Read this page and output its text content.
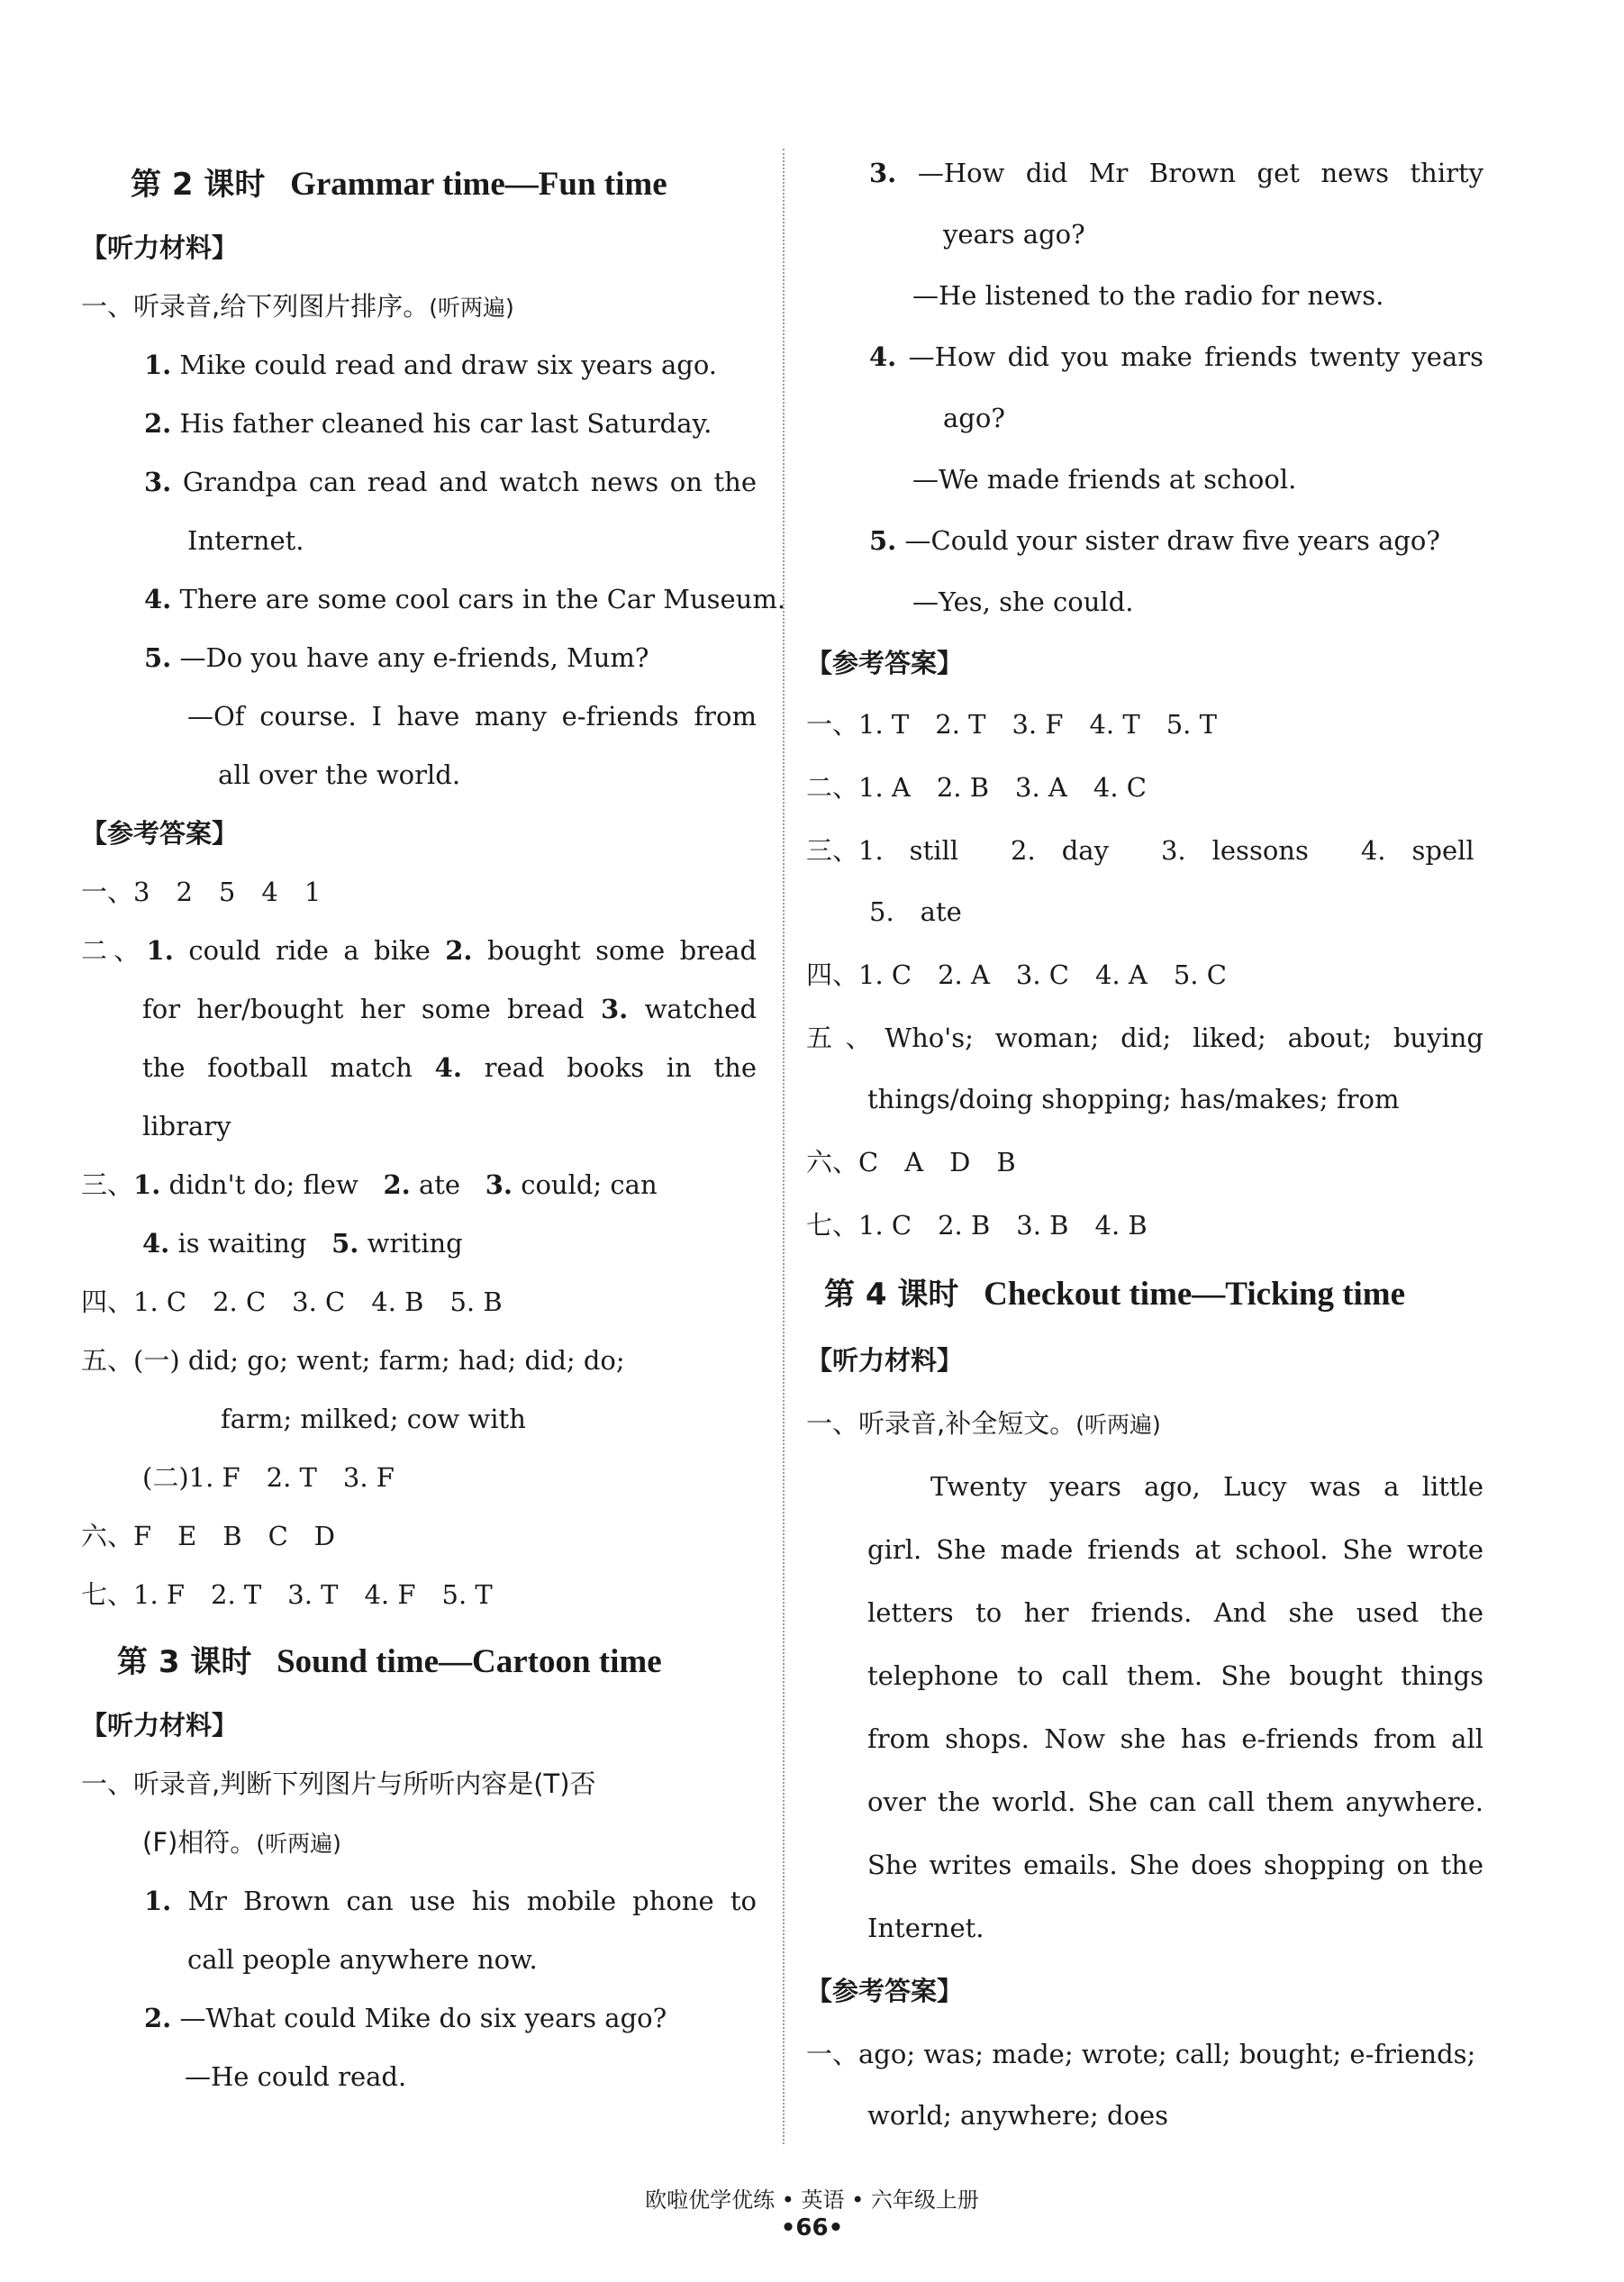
第 2 课时 Grammar time—Fun time
【听力材料】
一、听录音,给下列图片排序。(听两遍)
1. Mike could read and draw six years ago.
2. His father cleaned his car last Saturday.
3. Grandpa can read and watch news on the
Internet.
4. There are some cool cars in the Car Museum.
5. —Do you have any e-friends, Mum?
—Of course. I have many e-friends from
all over the world.
【参考答案】
一、3　2　5　4　1
二、1. could ride a bike 2. bought some bread
for her/bought her some bread 3. watched
the football match 4. read books in the
library
三、1. didn't do; flew 2. ate 3. could; can
4. is waiting 5. writing
四、1. C　2. C　3. C　4. B　5. B
五、(一) did; go; went; farm; had; did; do;
farm; milked; cow with
(二)1. F　2. T　3. F
六、F　E　B　C　D
七、1. F　2. T　3. T　4. F　5. T
第 3 课时 Sound time—Cartoon time
【听力材料】
一、听录音,判断下列图片与所听内容是(T)否
(F)相符。(听两遍)
1. Mr Brown can use his mobile phone to
call people anywhere now.
2. —What could Mike do six years ago?
—He could read.
3. —How did Mr Brown get news thirty
years ago?
—He listened to the radio for news.
4. —How did you make friends twenty years
ago?
—We made friends at school.
5. —Could your sister draw five years ago?
—Yes, she could.
【参考答案】
一、1. T　2. T　3. F　4. T　5. T
二、1. A　2. B　3. A　4. C
三、1.　still　　2.　day　　3.　lessons　　4.　spell
5.　ate
四、1. C　2. A　3. C　4. A　5. C
五、Who's; woman; did; liked; about; buying
things/doing shopping; has/makes; from
六、C　A　D　B
七、1. C　2. B　3. B　4. B
第 4 课时 Checkout time—Ticking time
【听力材料】
一、听录音,补全短文。(听两遍)
Twenty years ago, Lucy was a little
girl. She made friends at school. She wrote
letters to her friends. And she used the
telephone to call them. She bought things
from shops. Now she has e-friends from all
over the world. She can call them anywhere.
She writes emails. She does shopping on the
Internet.
【参考答案】
一、ago; was; made; wrote; call; bought; e-friends;
world; anywhere; does
欧啦优学优练 • 英语 • 六年级上册
•66•
